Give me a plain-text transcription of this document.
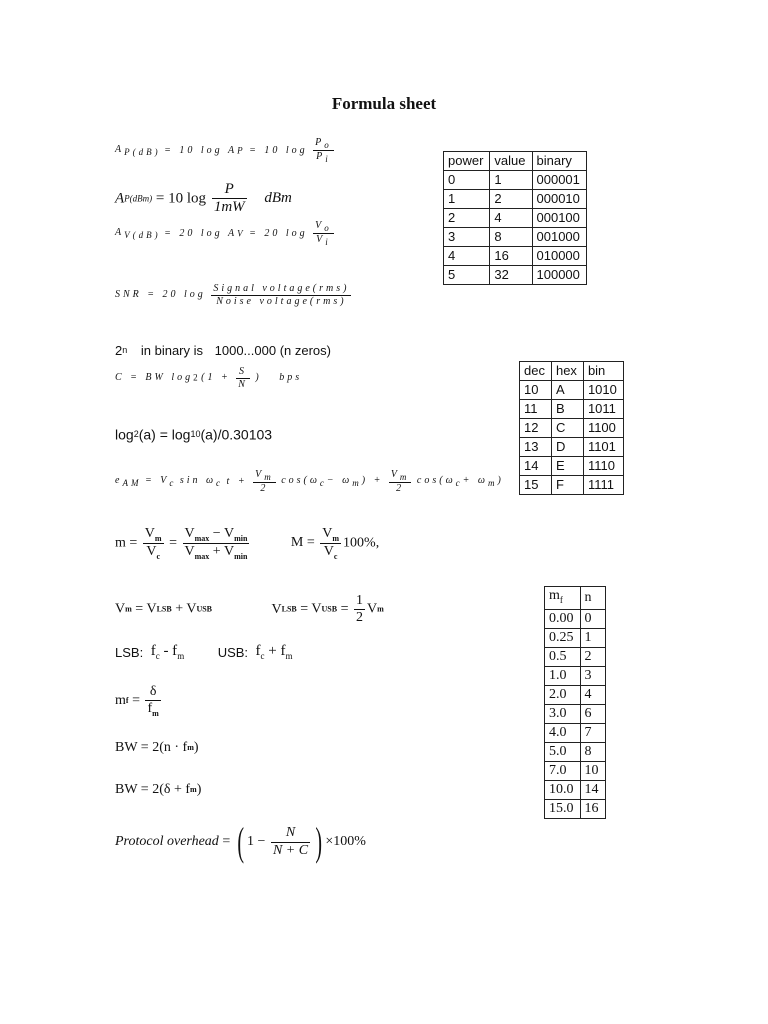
Formula sheet
$A_{P(dB)} = 10$ log AP = 10 $\log \frac{P_o}{P_i}$
AP(dBm) = 10 $\log \frac{P}{1mW}$ dBm
$A_{V(dB)} = 20$ log AV = 20 $\log \frac{V_o}{V_i}$
SNR = 20 $\log \frac{\text{Signal voltage(rms)}}{\text{Noise voltage(rms)}}$
2n in binary is 1000...000 (n zeros)
C = BW log2 ($1 + \frac{S}{N}$ ) bps
log2(a) = log10(a)/0.30103
$e_{AM} = V_c$ $\sin \omega_c$ $t + \frac{V_m}{2} \cos(\omega_c- \omega_m) + \frac{V_m}{2} \cos(\omega_c+ \omega_m)$
$m = \frac{V_m}{V_c} = \frac{V_{max} - V_{min}}{V_{max} + V_{min}}$	$M = \frac{V_m}{V_c} 100\%$,
Vm = VLSB + VUSB	VLSB = VUSB = $\frac{1}{2}$ Vm
LSB: $f_c - f_m$	USB: $f_c + f_m$
mf = $\frac{\delta}{f_m}$
BW = 2(n · fm)
BW = 2(δ + fm)
Protocol overhead = ( $1 - \frac{N}{N + C}$ ) ×100%
power	value	binary
0	1	000001
1	2	000010
2	4	000100
3	8	001000
4	16	010000
5	32	100000
dec	hex	bin
10	A	1010
11	B	1011
12	C	1100
13	D	1101
14	E	1110
15	F	1111
$m_f$	n
0.00	0
0.25	1
0.5	2
1.0	3
2.0	4
3.0	6
4.0	7
5.0	8
7.0	10
10.0	14
15.0	16
